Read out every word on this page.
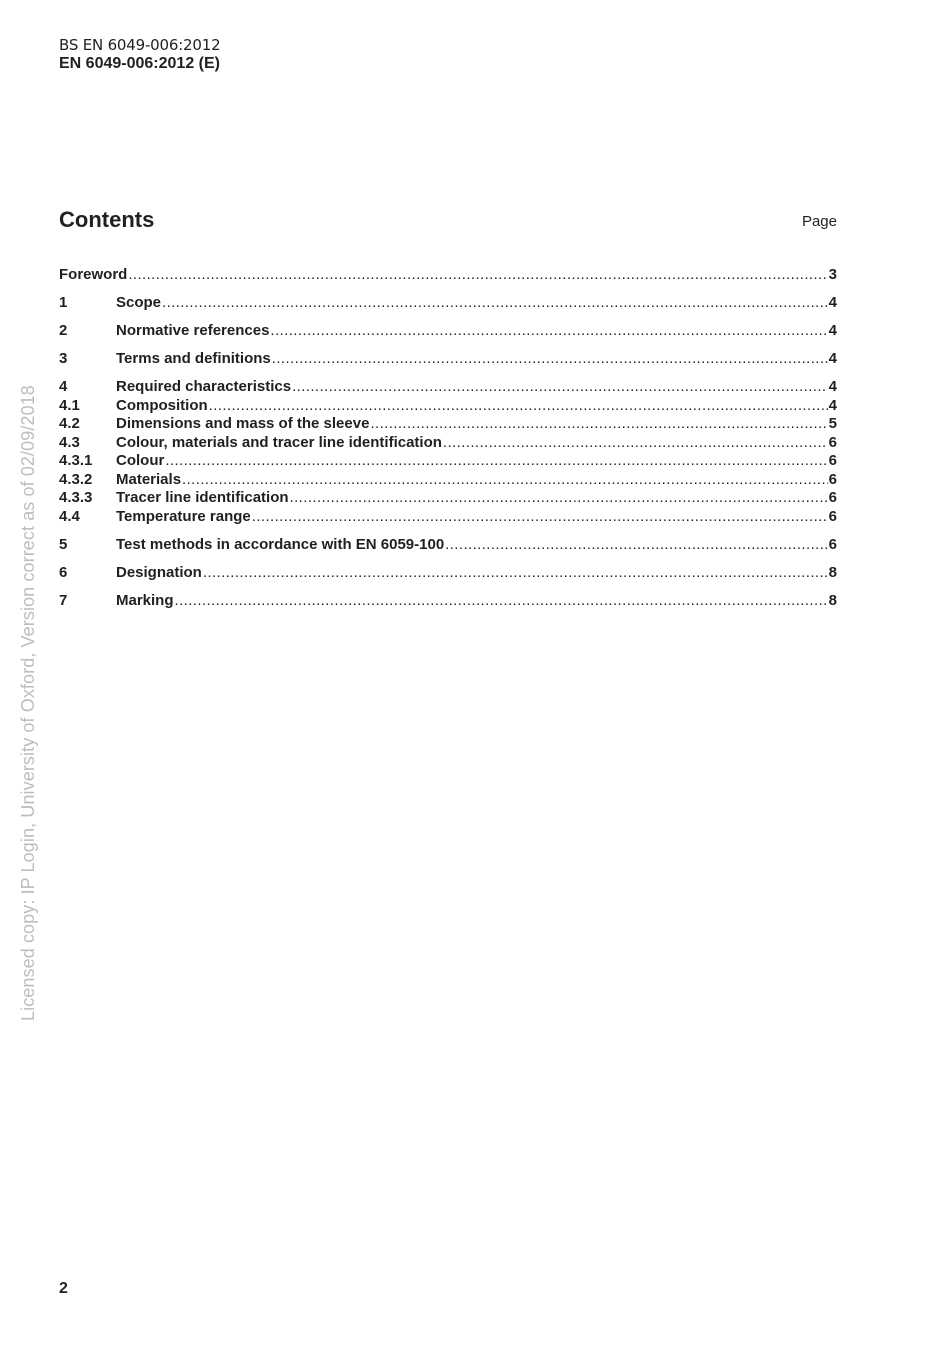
BS EN 6049-006:2012
EN 6049-006:2012 (E)
Contents	Page
Foreword .....	3
1	Scope .....	4
2	Normative references .....	4
3	Terms and definitions .....	4
4	Required characteristics .....	4
4.1	Composition .....	4
4.2	Dimensions and mass of the sleeve .....	5
4.3	Colour, materials and tracer line identification .....	6
4.3.1	Colour .....	6
4.3.2	Materials .....	6
4.3.3	Tracer line identification .....	6
4.4	Temperature range .....	6
5	Test methods in accordance with EN 6059-100 .....	6
6	Designation .....	8
7	Marking .....	8
Licensed copy: IP Login, University of Oxford, Version correct as of 02/09/2018
2
